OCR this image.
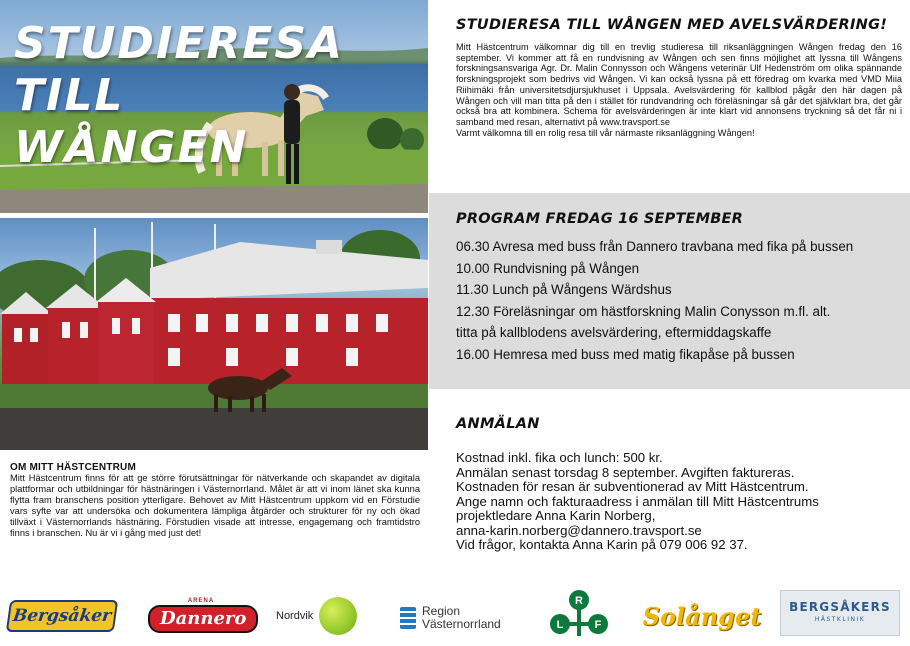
STUDIERESA TILL
WÅNGEN
OM MITT HÄSTCENTRUM

Mitt Hästcentrum finns för att ge större förutsättningar för nätverkande och skapandet av digitala plattformar och utbildningar för hästnäringen i Västernorrland. Målet är att vi inom länet ska kunna flytta fram branschens position ytterligare. Behovet av Mitt Hästcentrum uppkom vid en Förstudie vars syfte var att undersöka och dokumentera lämpliga åtgärder och strukturer för ny och ökad tillväxt i Västernorrlands hästnäring. Förstudien visade att intresse, engagemang och framtidstro finns i branschen. Nu är vi i gång med just det!

STUDIERESA TILL WÅNGEN MED AVELSVÄRDERING!

Mitt Hästcentrum välkomnar dig till en trevlig studieresa till riksanläggningen Wången fredag den 16 september. Vi kommer att få en rundvisning av Wången och sen finns möjlighet att lyssna till Wångens forskningsansvariga Agr. Dr. Malin Connysson och Wångens veterinär Ulf Hedenström om olika spännande forskningsprojekt som bedrivs vid Wången. Vi kan också lyssna på ett föredrag om kvarka med VMD Miia Riihimäki från universitetsdjursjukhuset i Uppsala. Avelsvärdering för kallblod pågår den här dagen på Wången och vill man titta på den i stället för rundvandring och föreläsningar så går det självklart bra, det går också bra att kombinera. Schema för avelsvärderingen är inte klart vid annonsens tryckning så det får ni i samband med resan, alternativt på www.travsport.se

Varmt välkomna till en rolig resa till vår närmaste riksanläggning Wången!

PROGRAM FREDAG 16 SEPTEMBER
06.30 Avresa med buss från Dannero travbana med fika på bussen
10.00 Rundvisning på Wången
11.30 Lunch på Wångens Wärdshus
12.30 Föreläsningar om hästforskning Malin Conysson m.fl. alt.
titta på kallblodens avelsvärdering, eftermiddagskaffe
16.00 Hemresa med buss med matig fikapåse på bussen
ANMÄLAN
Kostnad inkl. fika och lunch: 500 kr.
Anmälan senast torsdag 8 september. Avgiften faktureras.
Kostnaden för resan är subventionerad av Mitt Hästcentrum.
Ange namn och fakturaadress i anmälan till Mitt Hästcentrums
projektledare Anna Karin Norberg,
anna-karin.norberg@dannero.travsport.se
Vid frågor, kontakta Anna Karin på 079 006 92 37.
Bergsåker
ARENA
Dannero	Nordvik	Region
Västernorrland
R
L	F Solånget	BERGSÅKERS
HÄSTKLINIK
